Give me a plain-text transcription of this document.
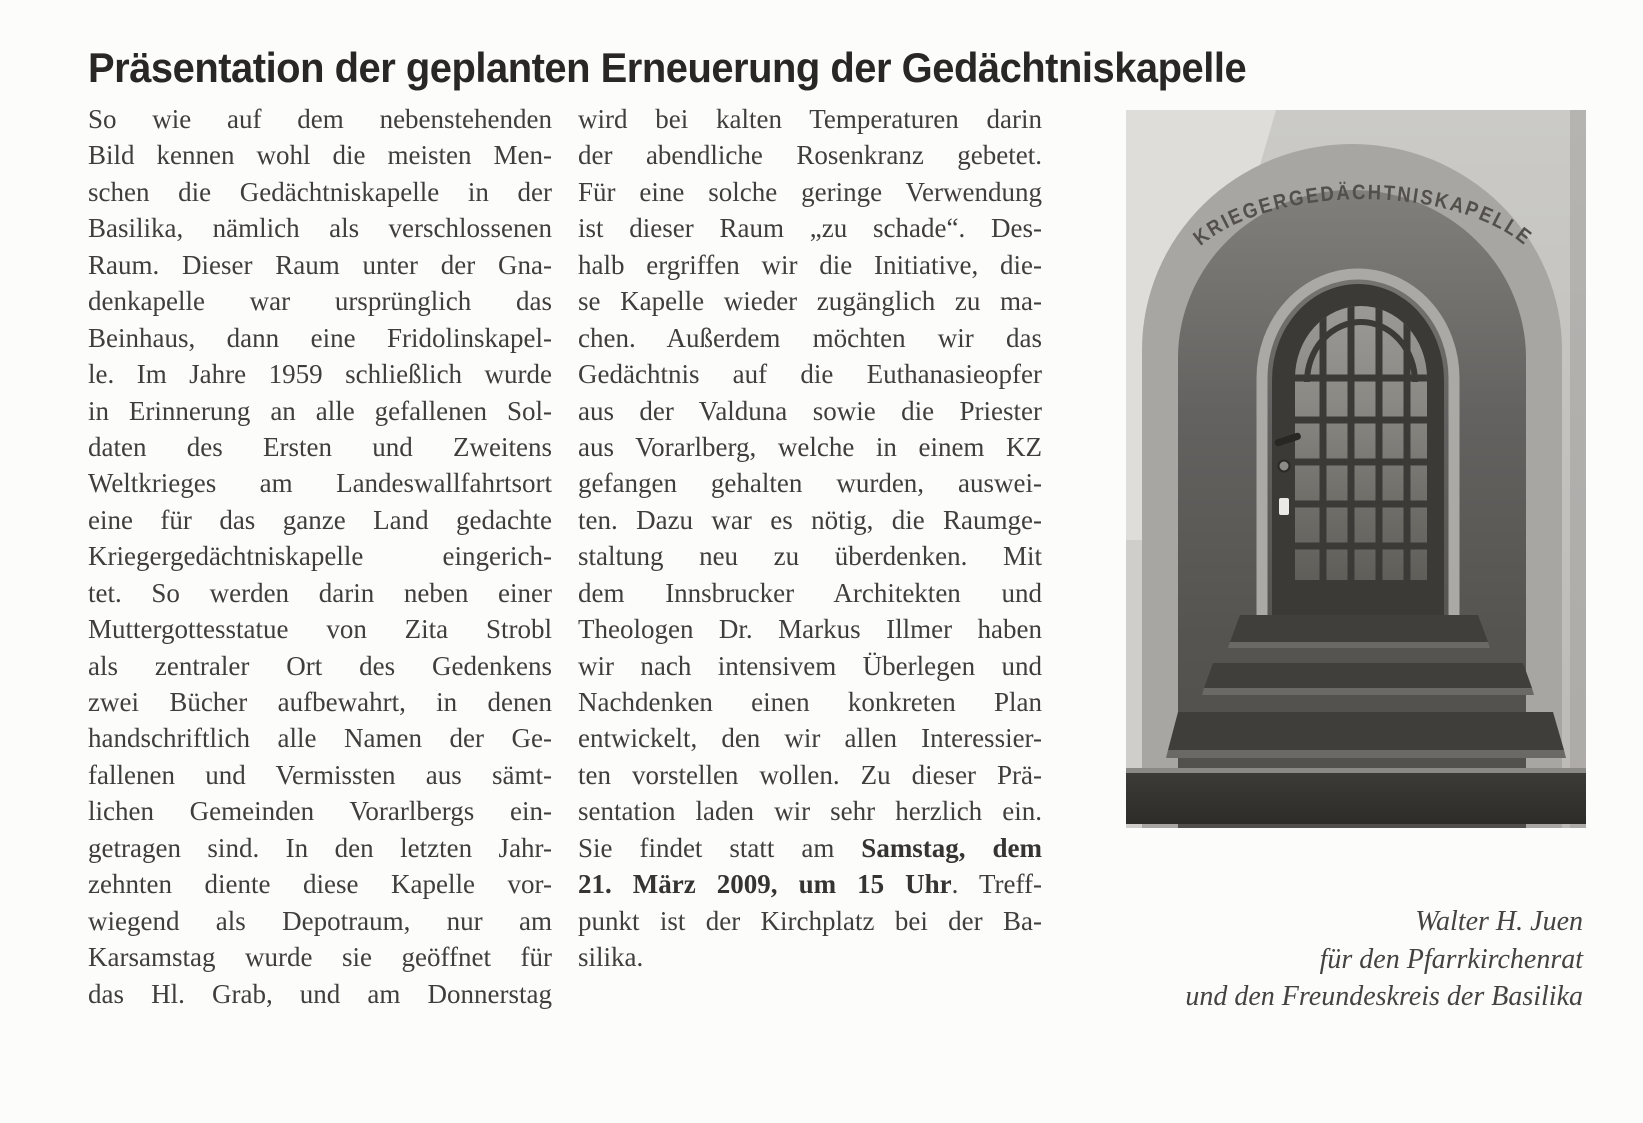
Präsentation der geplanten Erneuerung der Gedächtniskapelle
So wie auf dem nebenstehenden
Bild kennen wohl die meisten Men-
schen die Gedächtniskapelle in der
Basilika, nämlich als verschlossenen
Raum. Dieser Raum unter der Gna-
denkapelle war ursprünglich das
Beinhaus, dann eine Fridolinskapel-
le. Im Jahre 1959 schließlich wurde
in Erinnerung an alle gefallenen Sol-
daten des Ersten und Zweitens
Weltkrieges am Landeswallfahrtsort
eine für das ganze Land gedachte
Kriegergedächtniskapelle eingerich-
tet. So werden darin neben einer
Muttergottesstatue von Zita Strobl
als zentraler Ort des Gedenkens
zwei Bücher aufbewahrt, in denen
handschriftlich alle Namen der Ge-
fallenen und Vermissten aus sämt-
lichen Gemeinden Vorarlbergs ein-
getragen sind. In den letzten Jahr-
zehnten diente diese Kapelle vor-
wiegend als Depotraum, nur am
Karsamstag wurde sie geöffnet für
das Hl. Grab, und am Donnerstag
wird bei kalten Temperaturen darin
der abendliche Rosenkranz gebetet.
Für eine solche geringe Verwendung
ist dieser Raum „zu schade“. Des-
halb ergriffen wir die Initiative, die-
se Kapelle wieder zugänglich zu ma-
chen. Außerdem möchten wir das
Gedächtnis auf die Euthanasieopfer
aus der Valduna sowie die Priester
aus Vorarlberg, welche in einem KZ
gefangen gehalten wurden, auswei-
ten. Dazu war es nötig, die Raumge-
staltung neu zu überdenken. Mit
dem Innsbrucker Architekten und
Theologen Dr. Markus Illmer haben
wir nach intensivem Überlegen und
Nachdenken einen konkreten Plan
entwickelt, den wir allen Interessier-
ten vorstellen wollen. Zu dieser Prä-
sentation laden wir sehr herzlich ein.
Sie findet statt am Samstag, dem
21. März 2009, um 15 Uhr. Treff-
punkt ist der Kirchplatz bei der Ba-
silika.
KRIEGERGEDÄCHTNISKAPELLE
Walter H. Juen
für den Pfarrkirchenrat
und den Freundeskreis der Basilika
